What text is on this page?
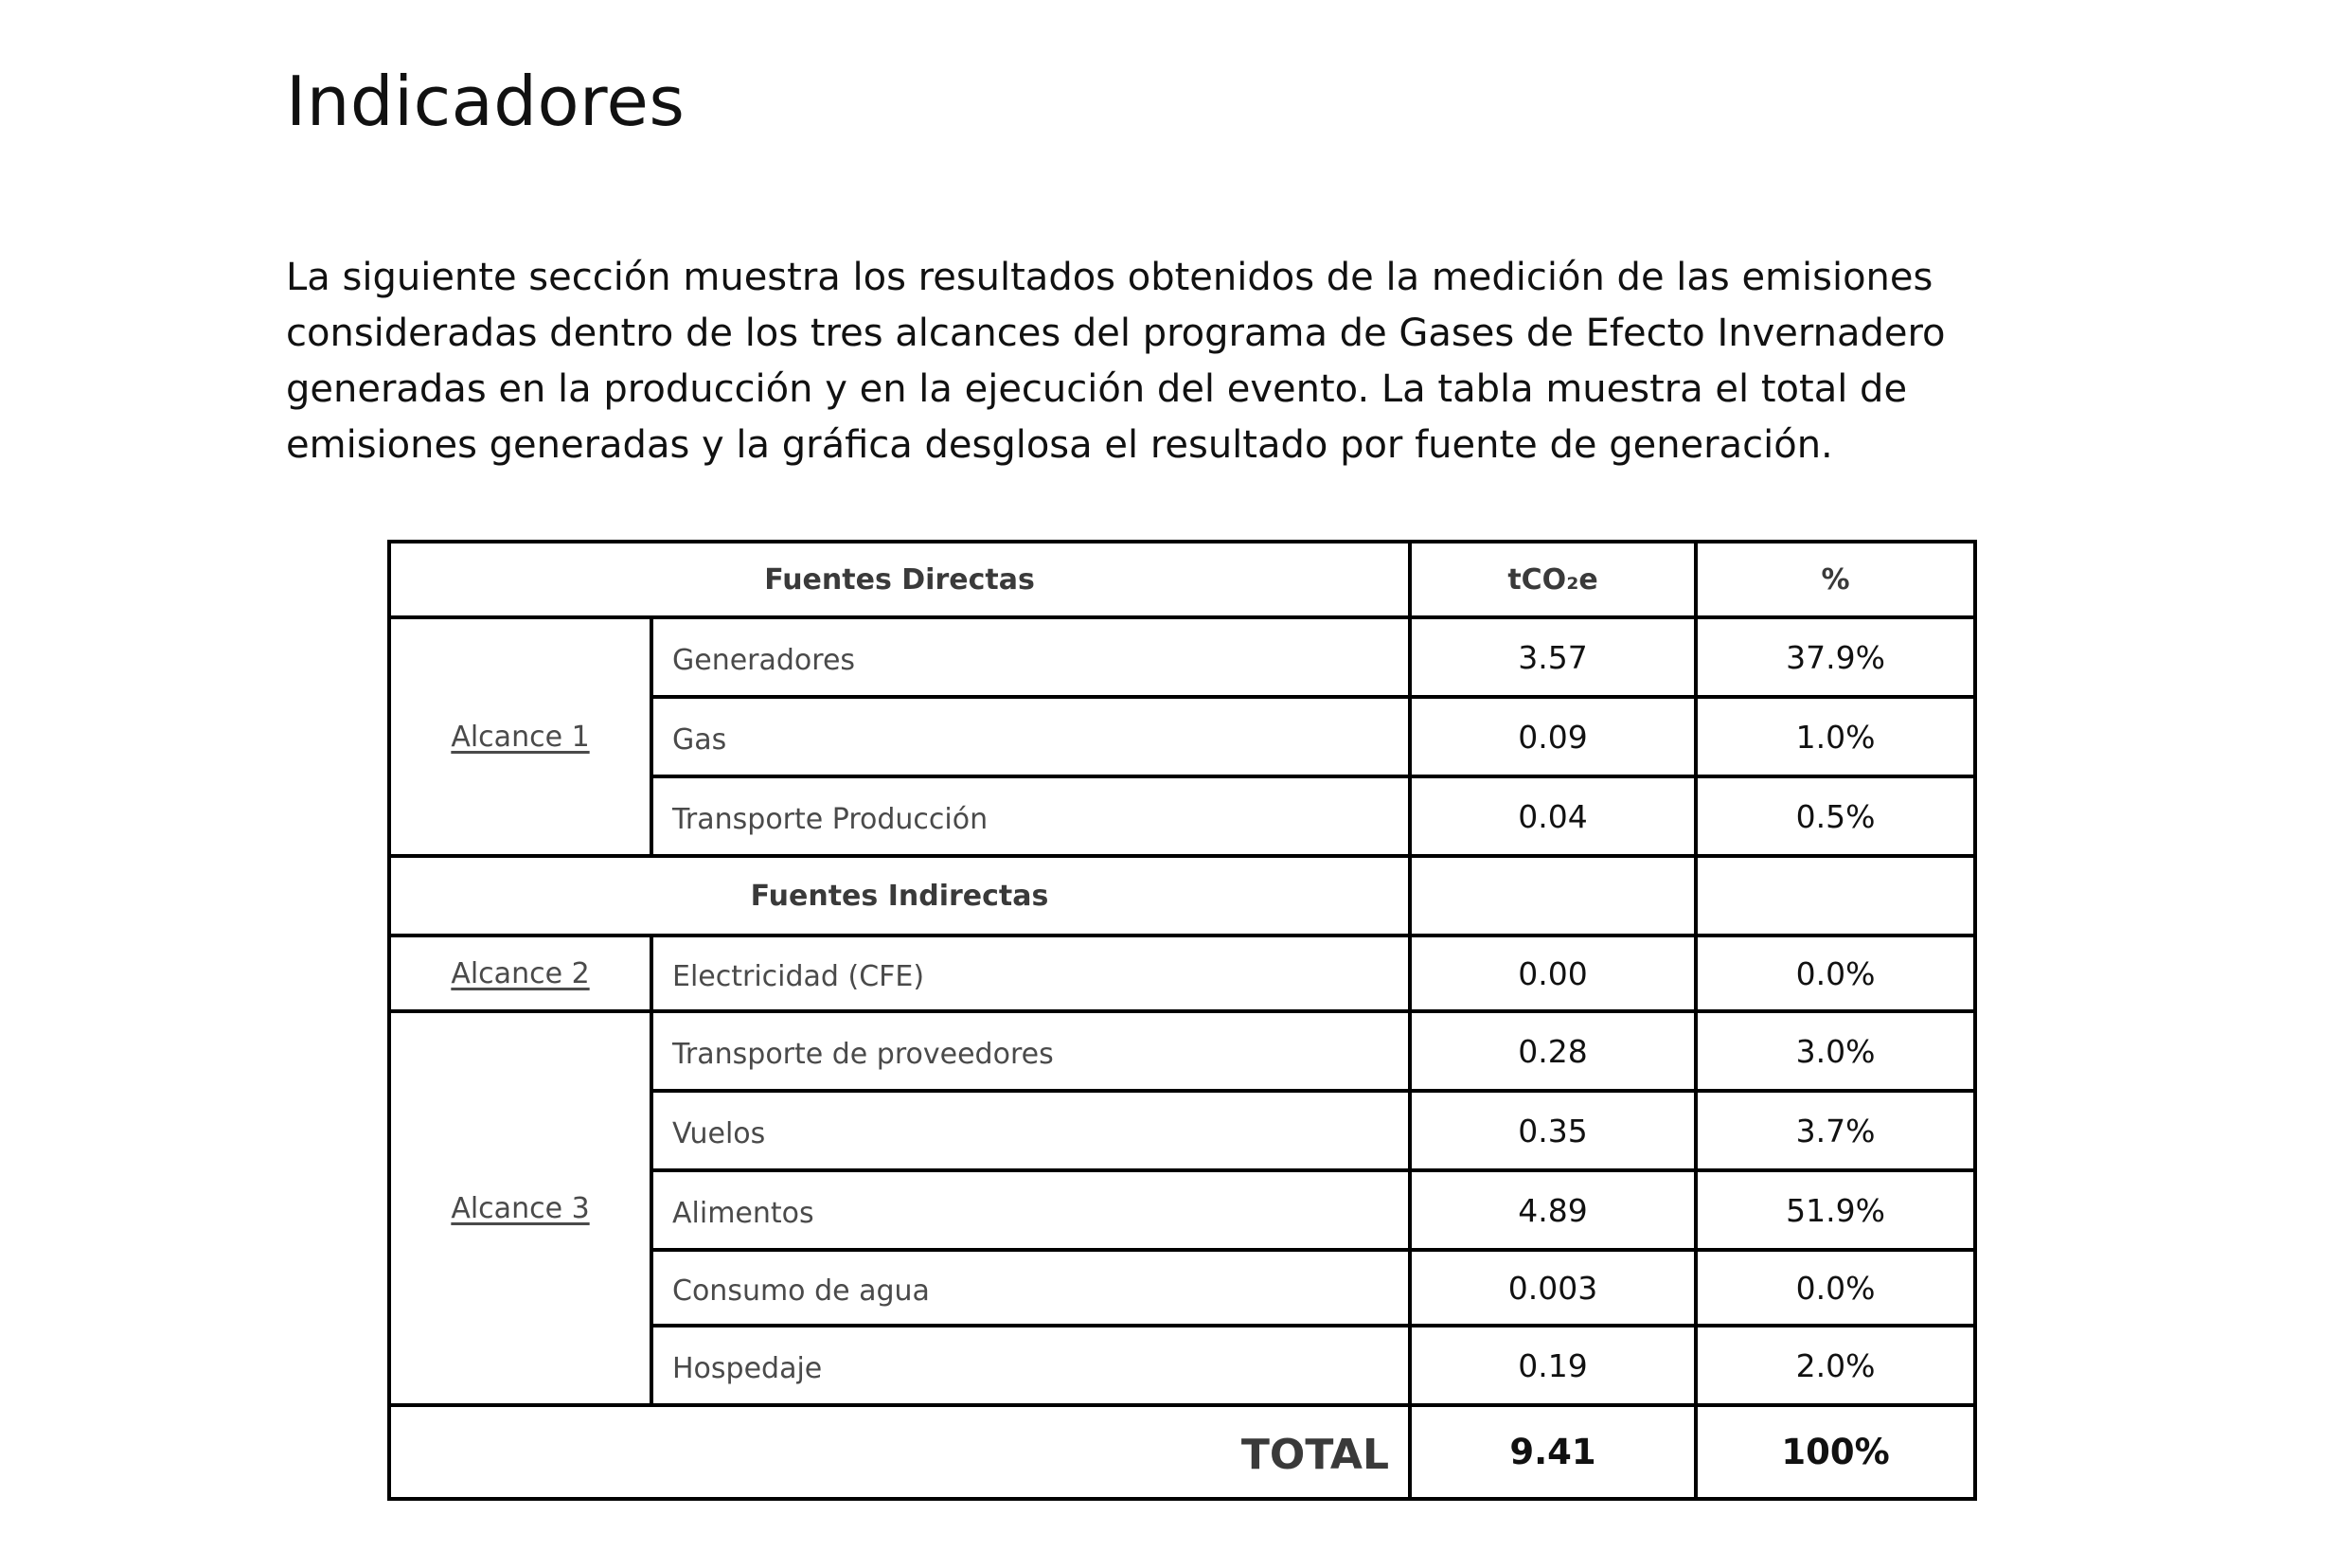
Indicadores

La siguiente sección muestra los resultados obtenidos de la medición de las emisiones consideradas dentro de los tres alcances del programa de Gases de Efecto Invernadero generadas en la producción y en la ejecución del evento. La tabla muestra el total de emisiones generadas y la gráfica desglosa el resultado por fuente de generación.

Fuentes Directas		tCO₂e	%
Alcance 1	Generadores	3.57	37.9%
	Gas	0.09	1.0%
	Transporte Producción	0.04	0.5%
Fuentes Indirectas			
Alcance 2	Electricidad (CFE)	0.00	0.0%
Alcance 3	Transporte de proveedores	0.28	3.0%
	Vuelos	0.35	3.7%
	Alimentos	4.89	51.9%
	Consumo de agua	0.003	0.0%
	Hospedaje	0.19	2.0%
TOTAL		9.41	100%
